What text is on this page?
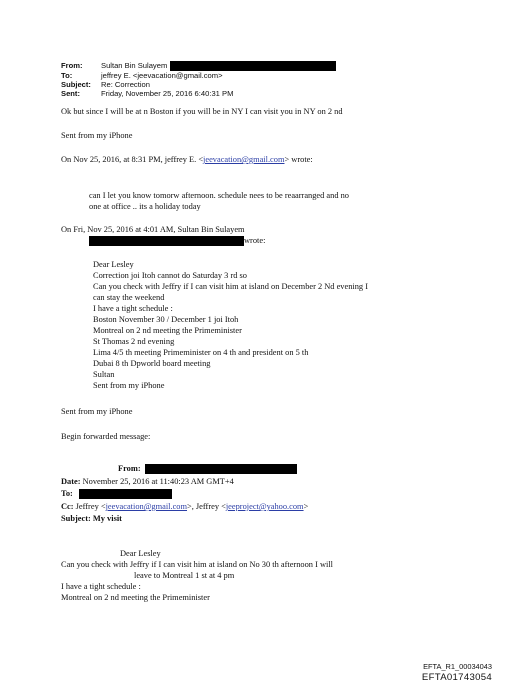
From:	Sultan Bin Sulayem
To:	jeffrey E. <jeevacation@gmail.com>
Subject:	Re: Correction
Sent:	Friday, November 25, 2016 6:40:31 PM
Ok but since I will be at n Boston if you will be in NY I can visit you in NY on 2 nd
Sent from my iPhone
On Nov 25, 2016, at 8:31 PM, jeffrey E. <jeevacation@gmail.com> wrote:
can I let you know tomorw afternoon. schedule nees to be reaarranged and no
one at office .. its a holiday today
On Fri, Nov 25, 2016 at 4:01 AM, Sultan Bin Sulayem
wrote:
Dear Lesley
Correction joi Itoh cannot do Saturday 3 rd so
Can you check with Jeffry if I can visit him at island on December 2 Nd evening I
can stay the weekend
I have a tight schedule :
Boston November 30 / December 1 joi Itoh
Montreal on 2 nd meeting the Primeminister
St Thomas 2 nd evening
Lima 4/5 th meeting Primeminister on 4 th and president on 5 th
Dubai 8 th Dpworld board meeting
Sultan
Sent from my iPhone
Sent from my iPhone
Begin forwarded message:
From:
Date: November 25, 2016 at 11:40:23 AM GMT+4
To:
Cc: Jeffrey <jeevacation@gmail.com>, Jeffrey <jeeproject@yahoo.com>
Subject: My visit
Dear Lesley
Can you check with Jeffry if I can visit him at island on No 30 th afternoon I will
leave to Montreal 1 st at 4 pm
I have a tight schedule :
Montreal on 2 nd meeting the Primeminister
EFTA_R1_00034043
EFTA01743054
